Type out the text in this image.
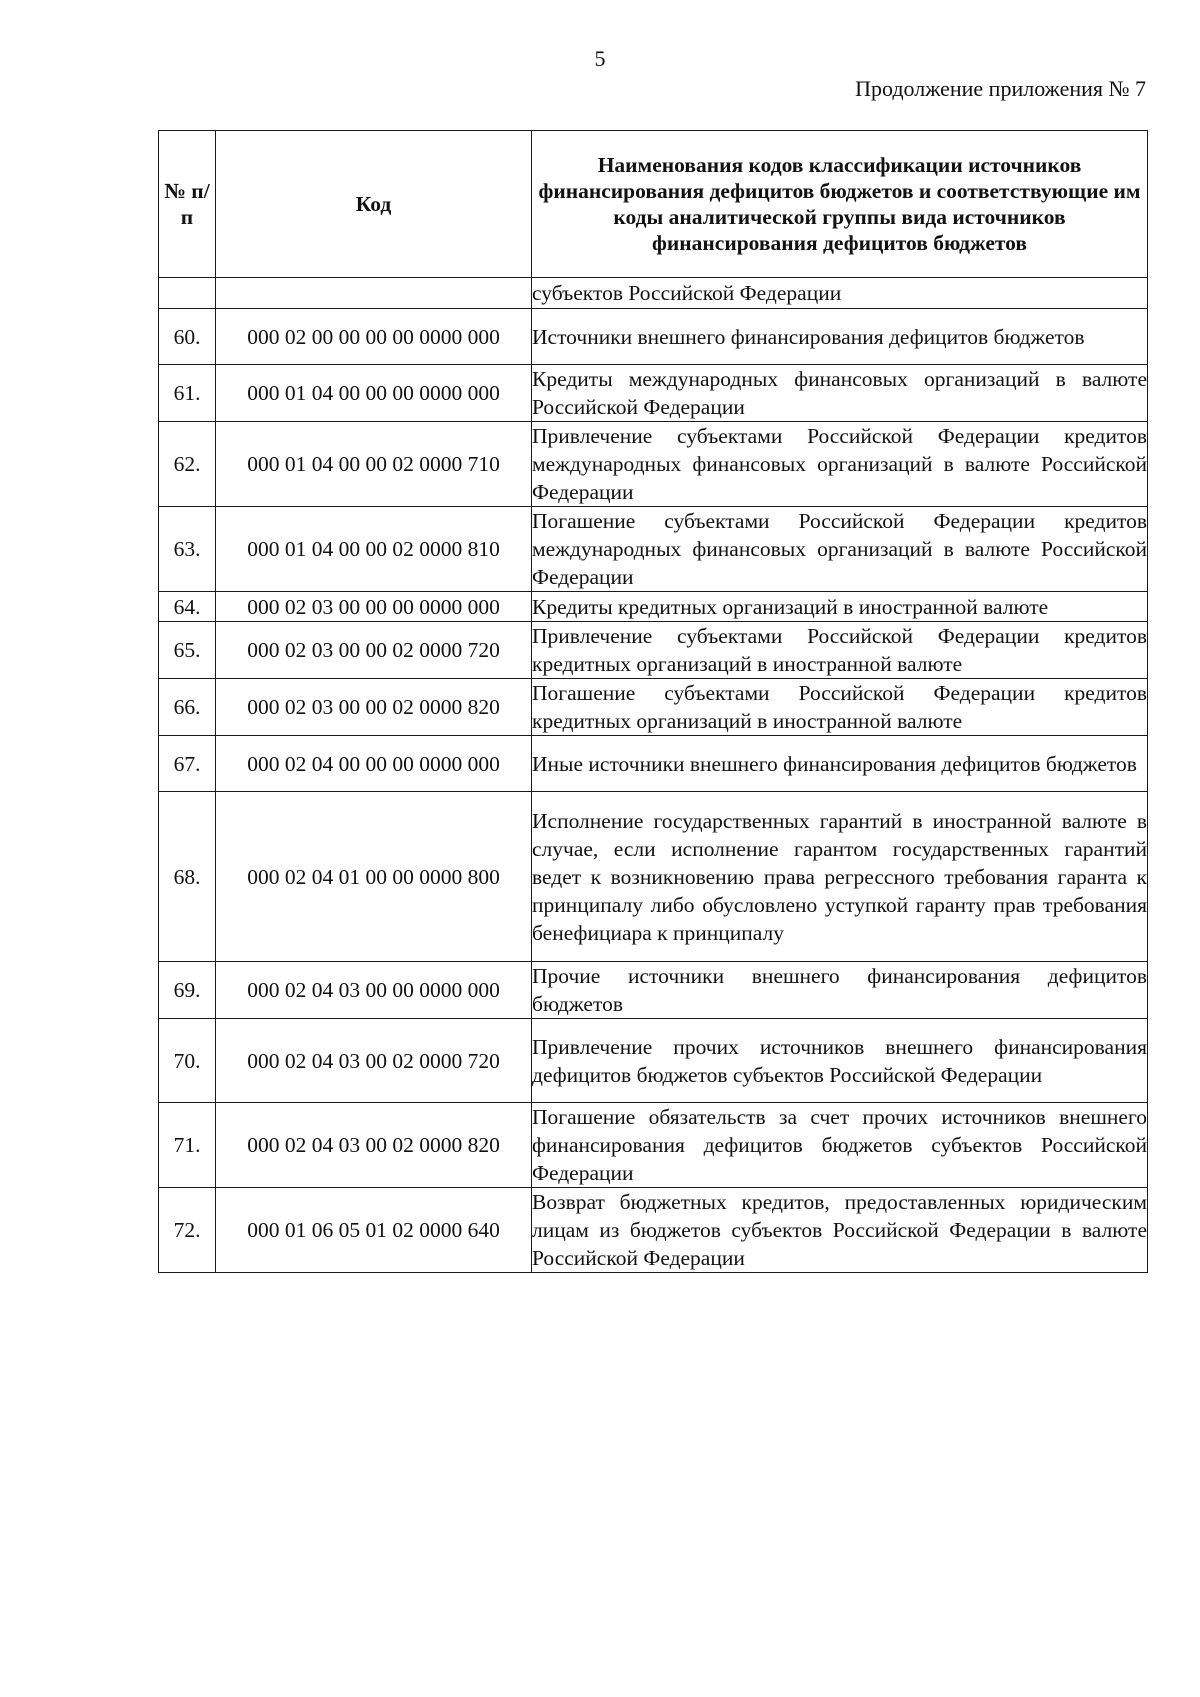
5
Продолжение приложения № 7
№ п/п	Код	Наименования кодов классификации источников финансирования дефицитов бюджетов и соответствующие им коды аналитической группы вида источников финансирования дефицитов бюджетов
		субъектов Российской Федерации
60.	000 02 00 00 00 00 0000 000	Источники внешнего финансирования дефицитов бюджетов
61.	000 01 04 00 00 00 0000 000	Кредиты международных финансовых организаций в валюте Российской Федерации
62.	000 01 04 00 00 02 0000 710	Привлечение субъектами Российской Федерации кредитов международных финансовых организаций в валюте Российской Федерации
63.	000 01 04 00 00 02 0000 810	Погашение субъектами Российской Федерации кредитов международных финансовых организаций в валюте Российской Федерации
64.	000 02 03 00 00 00 0000 000	Кредиты кредитных организаций в иностранной валюте
65.	000 02 03 00 00 02 0000 720	Привлечение субъектами Российской Федерации кредитов кредитных организаций в иностранной валюте
66.	000 02 03 00 00 02 0000 820	Погашение субъектами Российской Федерации кредитов кредитных организаций в иностранной валюте
67.	000 02 04 00 00 00 0000 000	Иные источники внешнего финансирования дефицитов бюджетов
68.	000 02 04 01 00 00 0000 800	Исполнение государственных гарантий в иностранной валюте в случае, если исполнение гарантом государственных гарантий ведет к возникновению права регрессного требования гаранта к принципалу либо обусловлено уступкой гаранту прав требования бенефициара к принципалу
69.	000 02 04 03 00 00 0000 000	Прочие источники внешнего финансирования дефицитов бюджетов
70.	000 02 04 03 00 02 0000 720	Привлечение прочих источников внешнего финансирования дефицитов бюджетов субъектов Российской Федерации
71.	000 02 04 03 00 02 0000 820	Погашение обязательств за счет прочих источников внешнего финансирования дефицитов бюджетов субъектов Российской Федерации
72.	000 01 06 05 01 02 0000 640	Возврат бюджетных кредитов, предоставленных юридическим лицам из бюджетов субъектов Российской Федерации в валюте Российской Федерации
